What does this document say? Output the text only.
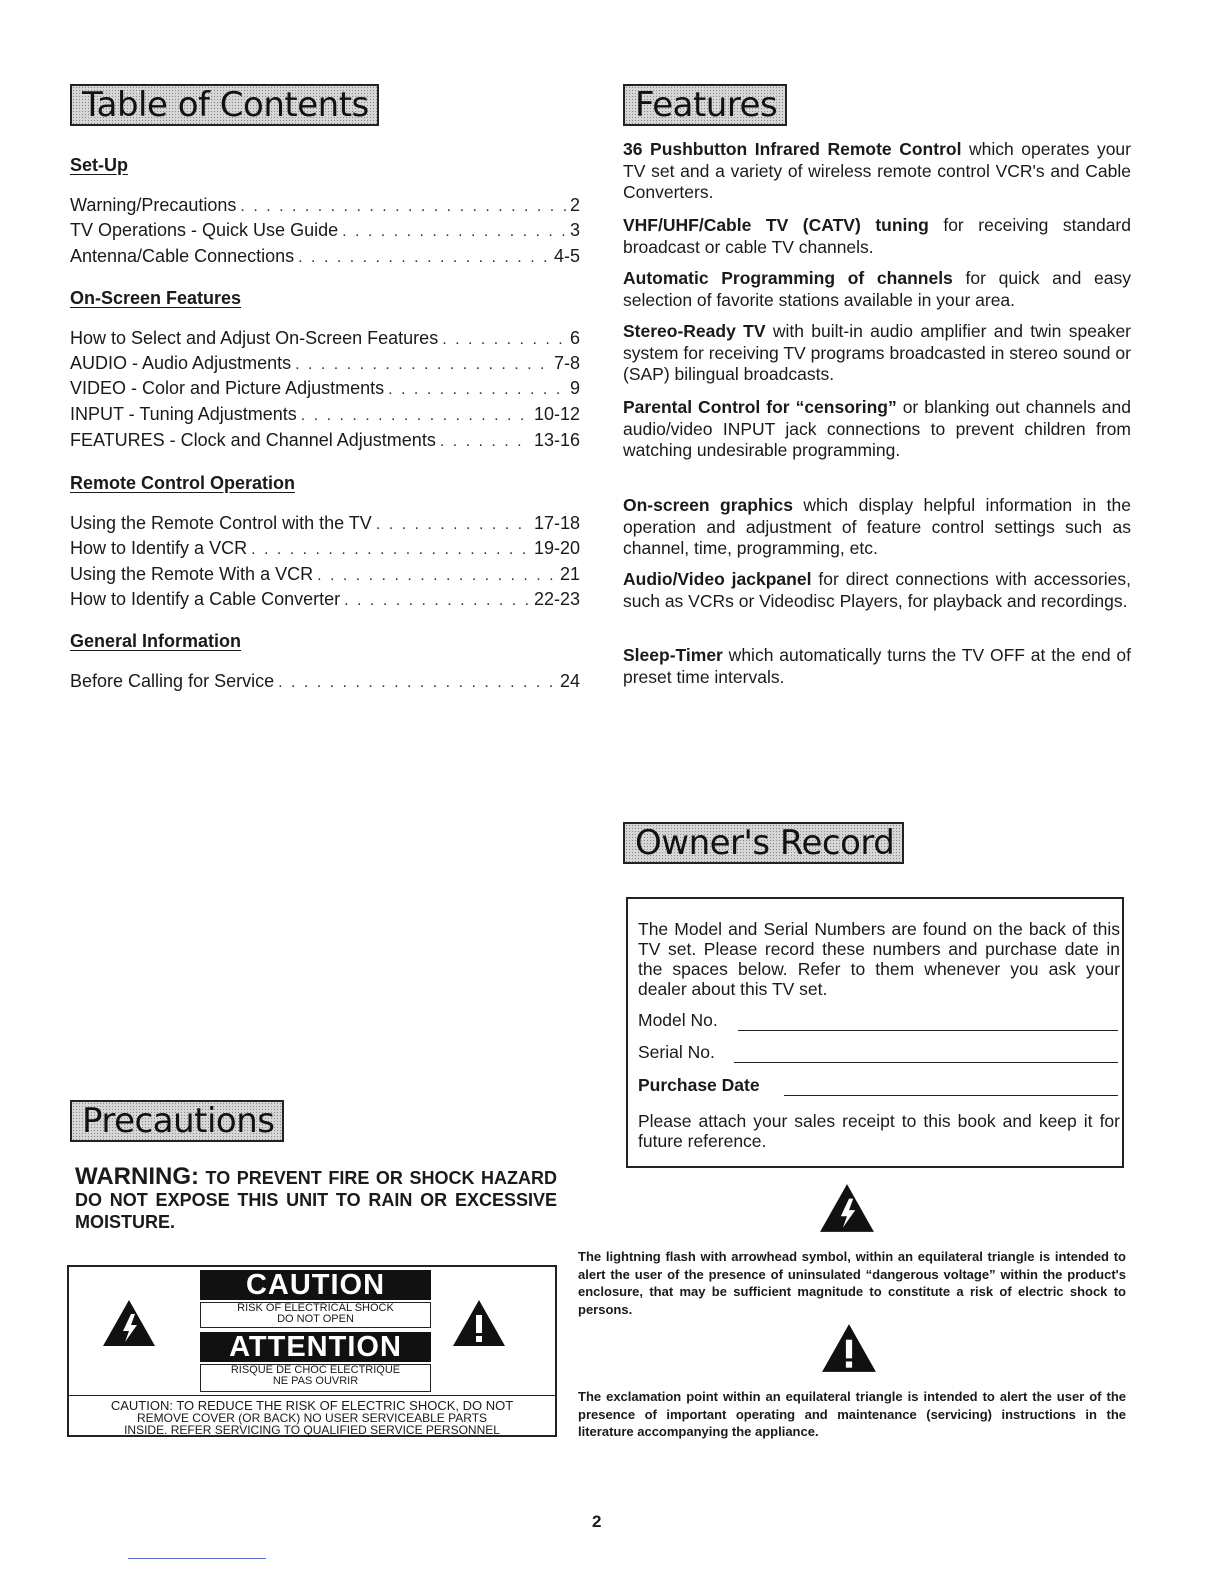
Table of Contents
Set-Up
Warning/Precautions . . .	2
TV Operations - Quick Use Guide . . .	3
Antenna/Cable Connections . . .	4-5
On-Screen Features
How to Select and Adjust On-Screen Features . . .	6
AUDIO - Audio Adjustments . . .	7-8
VIDEO - Color and Picture Adjustments . . .	9
INPUT - Tuning Adjustments . . .	10-12
FEATURES - Clock and Channel Adjustments . . .	13-16
Remote Control Operation
Using the Remote Control with the TV . . .	17-18
How to Identify a VCR . . .	19-20
Using the Remote With a VCR . . .	21
How to Identify a Cable Converter . . .	22-23
General Information
Before Calling for Service . . .	24
Features
36 Pushbutton Infrared Remote Control which operates your TV set and a variety of wireless remote control VCR's and Cable Converters.
VHF/UHF/Cable TV (CATV) tuning for receiving standard broadcast or cable TV channels.
Automatic Programming of channels for quick and easy selection of favorite stations available in your area.
Stereo-Ready TV with built-in audio amplifier and twin speaker system for receiving TV programs broadcasted in stereo sound or (SAP) bilingual broadcasts.
Parental Control for “censoring” or blanking out channels and audio/video INPUT jack connections to prevent children from watching undesirable programming.
On-screen graphics which display helpful information in the operation and adjustment of feature control settings such as channel, time, programming, etc.
Audio/Video jackpanel for direct connections with accessories, such as VCRs or Videodisc Players, for playback and recordings.
Sleep-Timer which automatically turns the TV OFF at the end of preset time intervals.
Owner's Record
The Model and Serial Numbers are found on the back of this TV set. Please record these numbers and purchase date in the spaces below. Refer to them whenever you ask your dealer about this TV set.
Model No.
Serial No.
Purchase Date
Please attach your sales receipt to this book and keep it for future reference.
Precautions
WARNING: TO PREVENT FIRE OR SHOCK HAZARD DO NOT EXPOSE THIS UNIT TO RAIN OR EXCESSIVE MOISTURE.
CAUTION
RISK OF ELECTRICAL SHOCK
DO NOT OPEN
ATTENTION
RISQUE DE CHOC ELECTRIQUE
NE PAS OUVRIR
CAUTION: TO REDUCE THE RISK OF ELECTRIC SHOCK, DO NOT
REMOVE COVER (OR BACK) NO USER SERVICEABLE PARTS
INSIDE. REFER SERVICING TO QUALIFIED SERVICE PERSONNEL
The lightning flash with arrowhead symbol, within an equilateral triangle is intended to alert the user of the presence of uninsulated “dangerous voltage” within the product's enclosure, that may be sufficient magnitude to constitute a risk of electric shock to persons.
The exclamation point within an equilateral triangle is intended to alert the user of the presence of important operating and maintenance (servicing) instructions in the literature accompanying the appliance.
2
